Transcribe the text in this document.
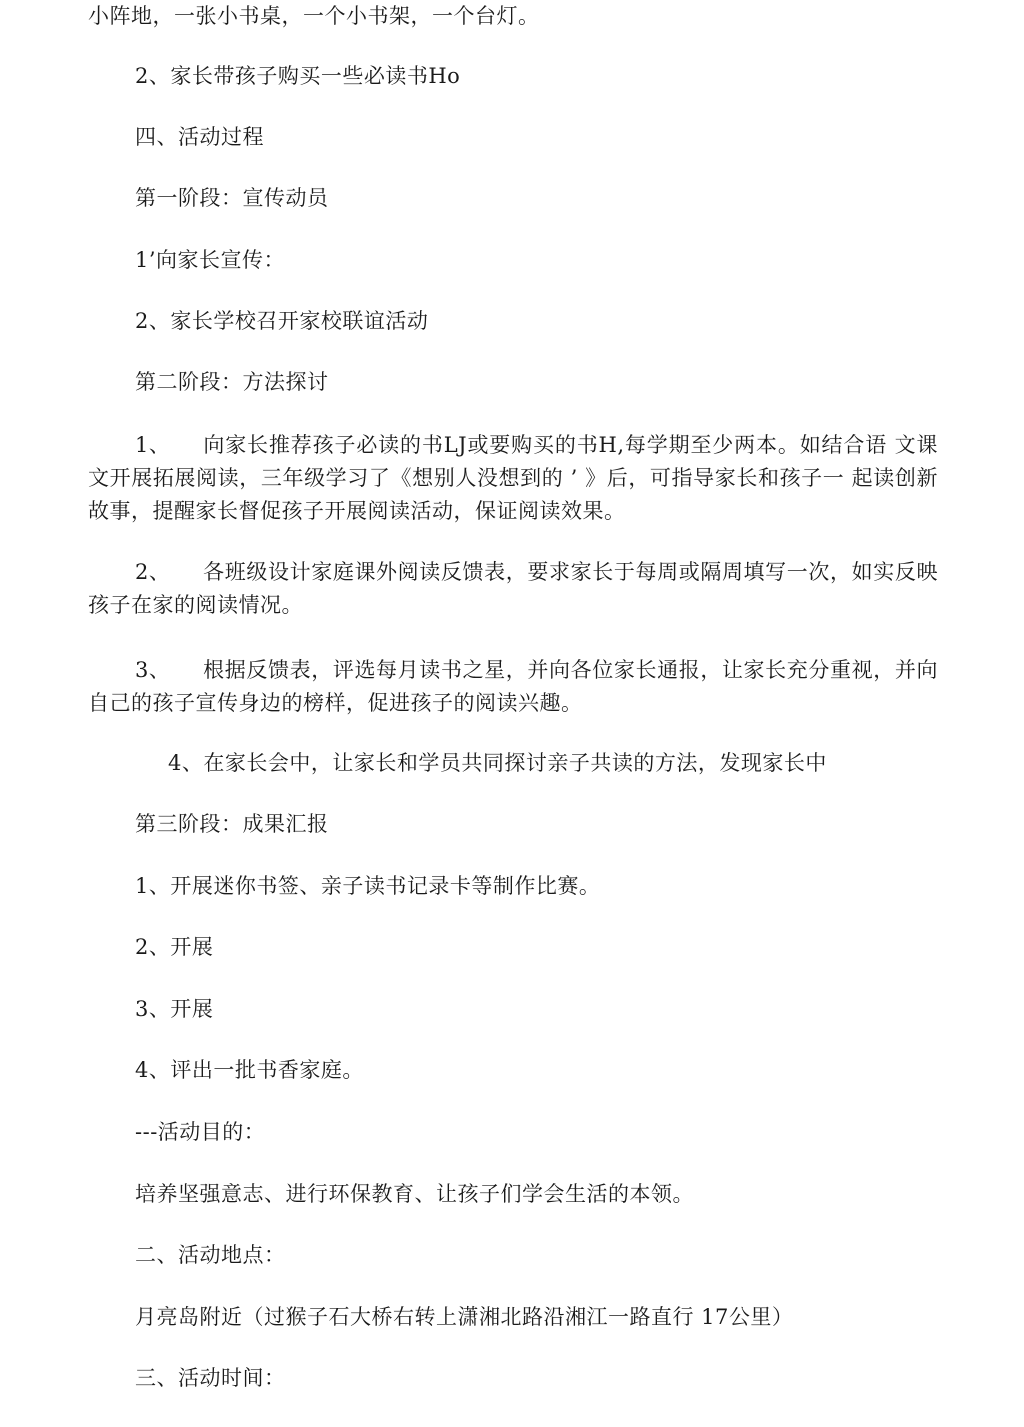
小阵地，一张小书桌，一个小书架，一个台灯。
2、家长带孩子购买一些必读书Ho
四、活动过程
第一阶段：宣传动员
1’向家长宣传：
2、家长学校召开家校联谊活动
第二阶段：方法探讨
1、 向家长推荐孩子必读的书LJ或要购买的书H,每学期至少两本。如结合语 文课文开展拓展阅读，三年级学习了《想别人没想到的 ’ 》后，可指导家长和孩子一 起读创新故事，提醒家长督促孩子开展阅读活动，保证阅读效果。
2、 各班级设计家庭课外阅读反馈表，要求家长于每周或隔周填写一次，如实反映孩子在家的阅读情况。
3、 根据反馈表，评选每月读书之星，并向各位家长通报，让家长充分重视，并向自己的孩子宣传身边的榜样，促进孩子的阅读兴趣。
4、在家长会中，让家长和学员共同探讨亲子共读的方法，发现家长中
第三阶段：成果汇报
1、开展迷你书签、亲子读书记录卡等制作比赛。
2、开展
3、开展
4、评出一批书香家庭。
---活动目的：
培养坚强意志、进行环保教育、让孩子们学会生活的本领。
二、活动地点：
月亮岛附近（过猴子石大桥右转上潇湘北路沿湘江一路直行 17公里）
三、活动时间：
